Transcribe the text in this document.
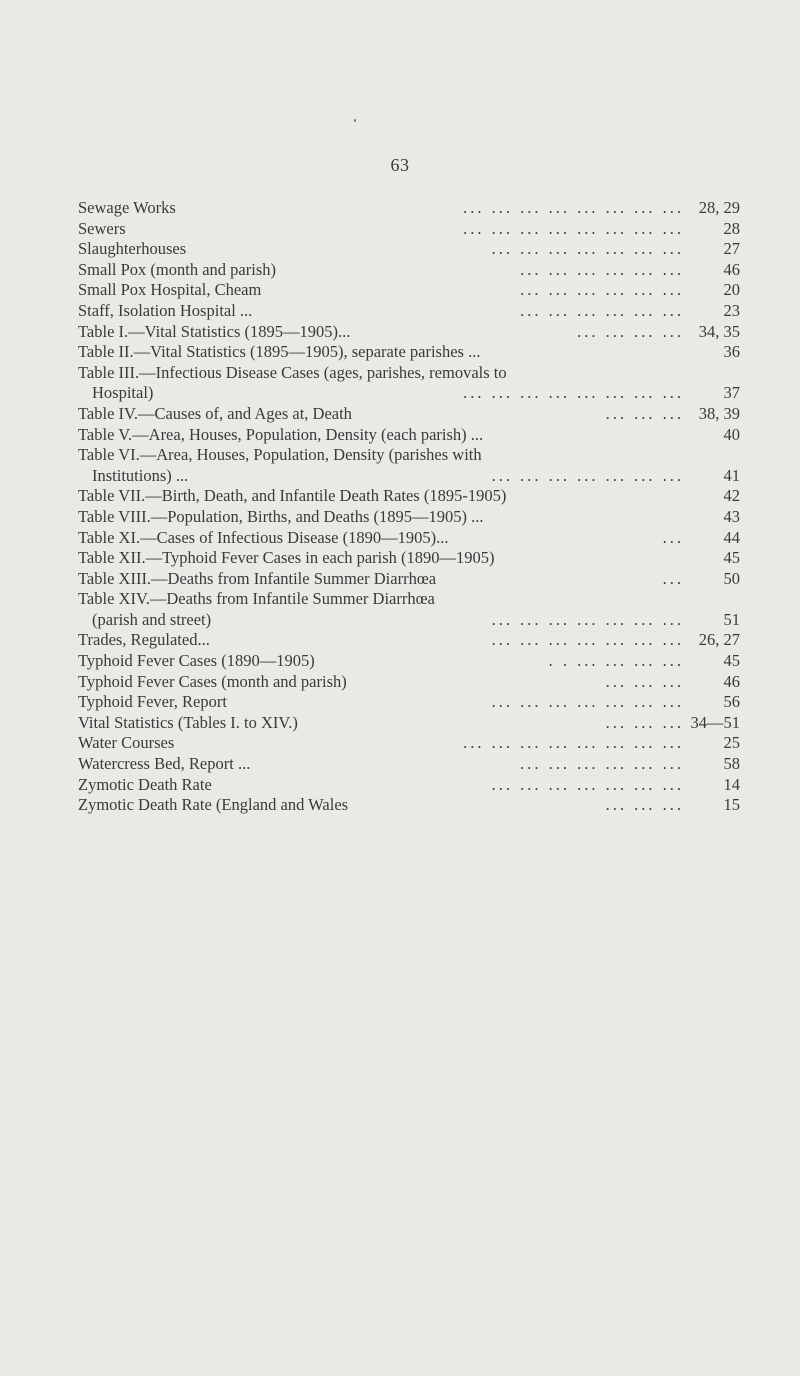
63
Sewage Works	... ... ... ... ... ... ... ... 28, 29
Sewers	... ... ... ... ... ... ... ... 28
Slaughterhouses	... ... ... ... ... ... ... 27
Small Pox (month and parish)	... ... ... ... ... ... 46
Small Pox Hospital, Cheam	... ... ... ... ... ... 20
Staff, Isolation Hospital ...	... ... ... ... ... ... 23
Table I.—Vital Statistics (1895—1905)...	... ... ... ... 34, 35
Table II.—Vital Statistics (1895—1905), separate parishes ...	36
Table III.—Infectious Disease Cases (ages, parishes, removals to
Hospital)	... ... ... ... ... ... ... ... 37
Table IV.—Causes of, and Ages at, Death	... ... ... 38, 39
Table V.—Area, Houses, Population, Density (each parish) ...	40
Table VI.—Area, Houses, Population, Density (parishes with
Institutions) ...	... ... ... ... ... ... ... 41
Table VII.—Birth, Death, and Infantile Death Rates (1895-1905)	42
Table VIII.—Population, Births, and Deaths (1895—1905) ...	43
Table XI.—Cases of Infectious Disease (1890—1905)...	... 44
Table XII.—Typhoid Fever Cases in each parish (1890—1905)	45
Table XIII.—Deaths from Infantile Summer Diarrhœa	... 50
Table XIV.—Deaths from Infantile Summer Diarrhœa
(parish and street)	... ... ... ... ... ... ... 51
Trades, Regulated...	... ... ... ... ... ... ... 26, 27
Typhoid Fever Cases (1890—1905)	. . ... ... ... ... 45
Typhoid Fever Cases (month and parish)	... ... ... 46
Typhoid Fever, Report	... ... ... ... ... ... ... 56
Vital Statistics (Tables I. to XIV.)	... ... ... 34—51
Water Courses	... ... ... ... ... ... ... ... 25
Watercress Bed, Report ...	... ... ... ... ... ... 58
Zymotic Death Rate	... ... ... ... ... ... ... 14
Zymotic Death Rate (England and Wales	... ... ... 15
